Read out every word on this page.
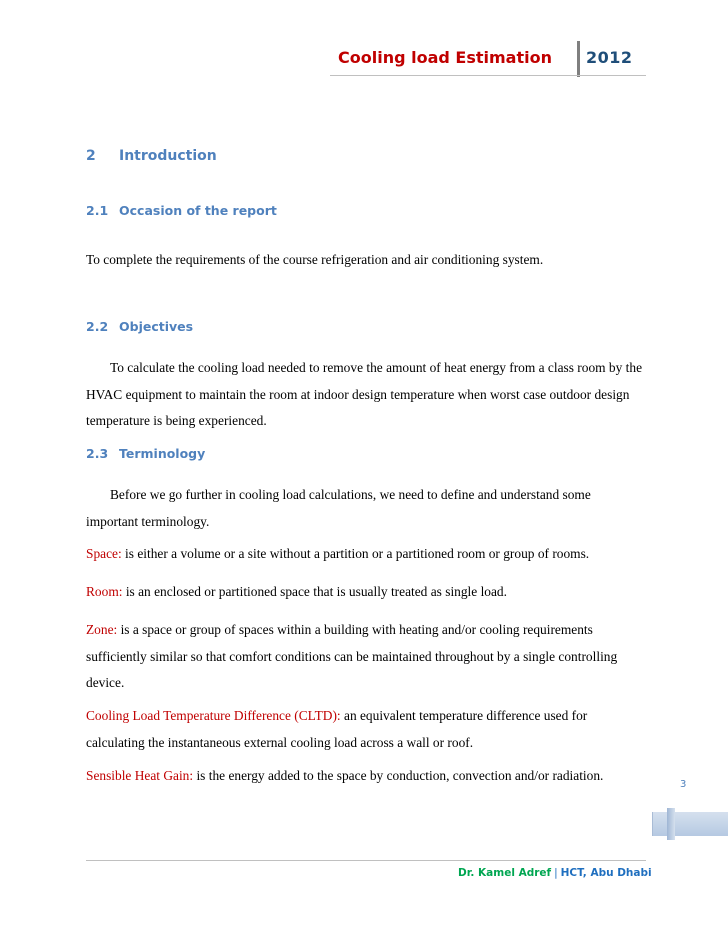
Cooling load Estimation 2012
2 Introduction
2.1 Occasion of the report
To complete the requirements of the course refrigeration and air conditioning system.
2.2 Objectives
To calculate the cooling load needed to remove the amount of heat energy from a class room by the HVAC equipment to maintain the room at indoor design temperature when worst case outdoor design temperature is being experienced.
2.3 Terminology
Before we go further in cooling load calculations, we need to define and understand some important terminology.
Space: is either a volume or a site without a partition or a partitioned room or group of rooms.
Room: is an enclosed or partitioned space that is usually treated as single load.
Zone: is a space or group of spaces within a building with heating and/or cooling requirements sufficiently similar so that comfort conditions can be maintained throughout by a single controlling device.
Cooling Load Temperature Difference (CLTD): an equivalent temperature difference used for calculating the instantaneous external cooling load across a wall or roof.
Sensible Heat Gain: is the energy added to the space by conduction, convection and/or radiation.
3
Dr. Kamel Adref | HCT, Abu Dhabi
